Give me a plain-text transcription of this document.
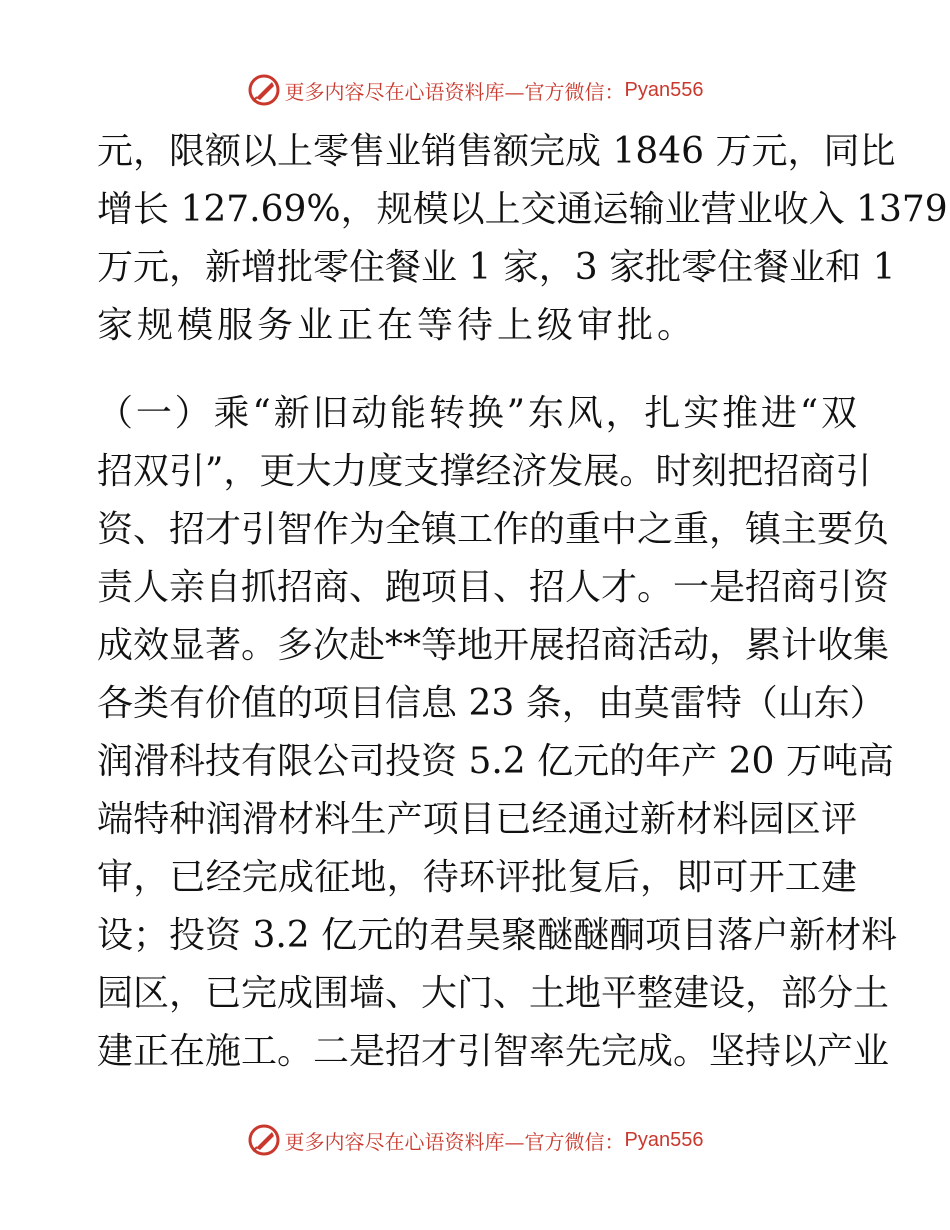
更多内容尽在心语资料库—官方微信： Pyan556
元，限额以上零售业销售额完成 1846 万元，同比
增长 127.69%，规模以上交通运输业营业收入 1379
万元，新增批零住餐业 1 家，3 家批零住餐业和 1
家规模服务业正在等待上级审批。
（一）乘“新旧动能转换”东风，扎实推进“双
招双引”，更大力度支撑经济发展。时刻把招商引
资、招才引智作为全镇工作的重中之重，镇主要负
责人亲自抓招商、跑项目、招人才。一是招商引资
成效显著。多次赴**等地开展招商活动，累计收集
各类有价值的项目信息 23 条，由莫雷特（山东）
润滑科技有限公司投资 5.2 亿元的年产 20 万吨高
端特种润滑材料生产项目已经通过新材料园区评
审，已经完成征地，待环评批复后，即可开工建
设；投资 3.2 亿元的君昊聚醚醚酮项目落户新材料
园区，已完成围墙、大门、土地平整建设，部分土
建正在施工。二是招才引智率先完成。坚持以产业
更多内容尽在心语资料库—官方微信： Pyan556
